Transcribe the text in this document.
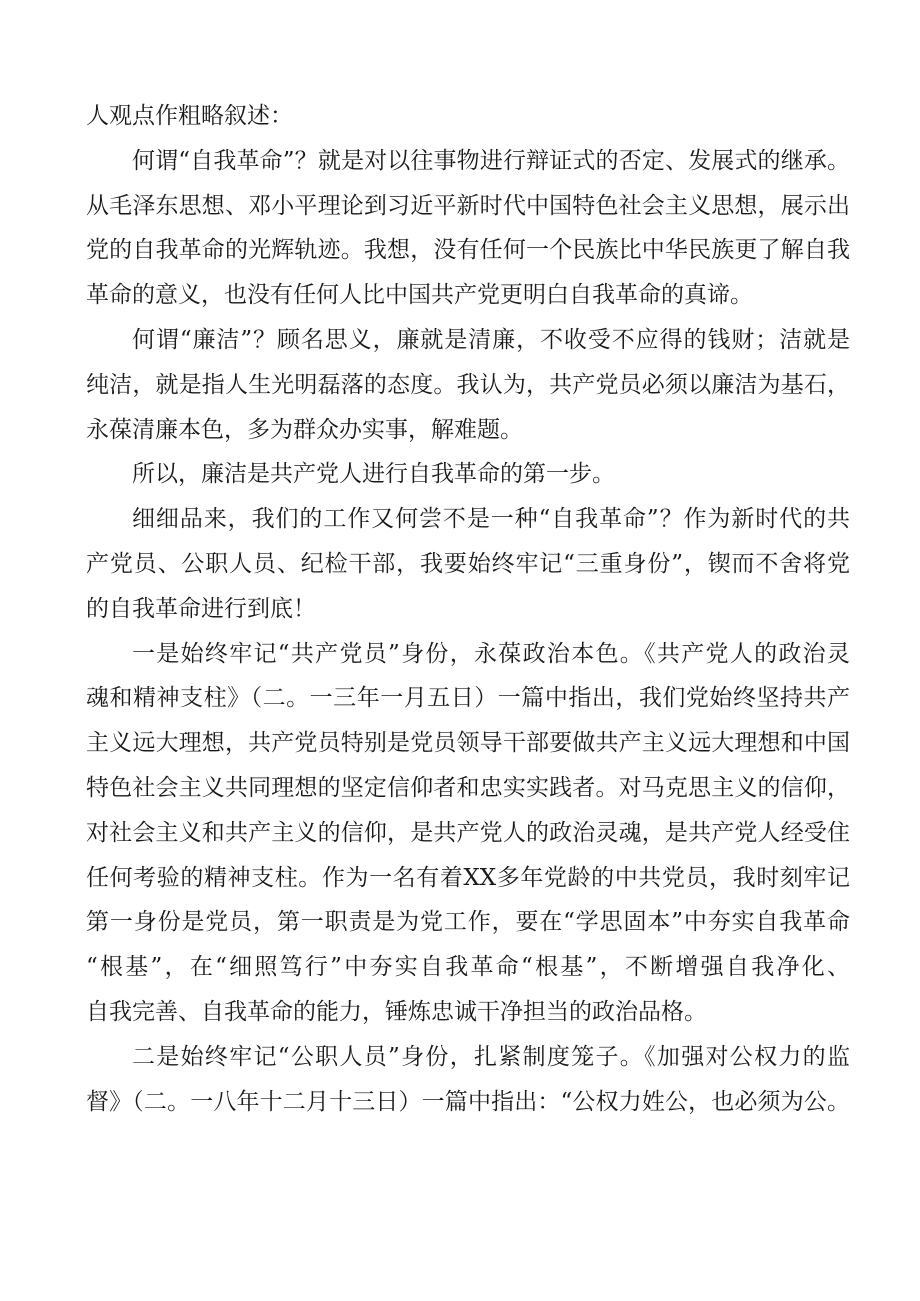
人观点作粗略叙述：
何谓“自我革命”？就是对以往事物进行辩证式的否定、发展式的继承。
从毛泽东思想、邓小平理论到习近平新时代中国特色社会主义思想，展示出
党的自我革命的光辉轨迹。我想，没有任何一个民族比中华民族更了解自我
革命的意义，也没有任何人比中国共产党更明白自我革命的真谛。
何谓“廉洁”？顾名思义，廉就是清廉，不收受不应得的钱财；洁就是
纯洁，就是指人生光明磊落的态度。我认为，共产党员必须以廉洁为基石，
永葆清廉本色，多为群众办实事，解难题。
所以，廉洁是共产党人进行自我革命的第一步。
细细品来，我们的工作又何尝不是一种“自我革命”？作为新时代的共
产党员、公职人员、纪检干部，我要始终牢记“三重身份”，锲而不舍将党
的自我革命进行到底！
一是始终牢记“共产党员”身份，永葆政治本色。《共产党人的政治灵
魂和精神支柱》（二。一三年一月五日）一篇中指出，我们党始终坚持共产
主义远大理想，共产党员特别是党员领导干部要做共产主义远大理想和中国
特色社会主义共同理想的坚定信仰者和忠实实践者。对马克思主义的信仰，
对社会主义和共产主义的信仰，是共产党人的政治灵魂，是共产党人经受住
任何考验的精神支柱。作为一名有着XX多年党龄的中共党员，我时刻牢记
第一身份是党员，第一职责是为党工作，要在“学思固本”中夯实自我革命
“根基”，在“细照笃行”中夯实自我革命“根基”，不断增强自我净化、
自我完善、自我革命的能力，锤炼忠诚干净担当的政治品格。
二是始终牢记“公职人员”身份，扎紧制度笼子。《加强对公权力的监
督》（二。一八年十二月十三日）一篇中指出：“公权力姓公，也必须为公。
